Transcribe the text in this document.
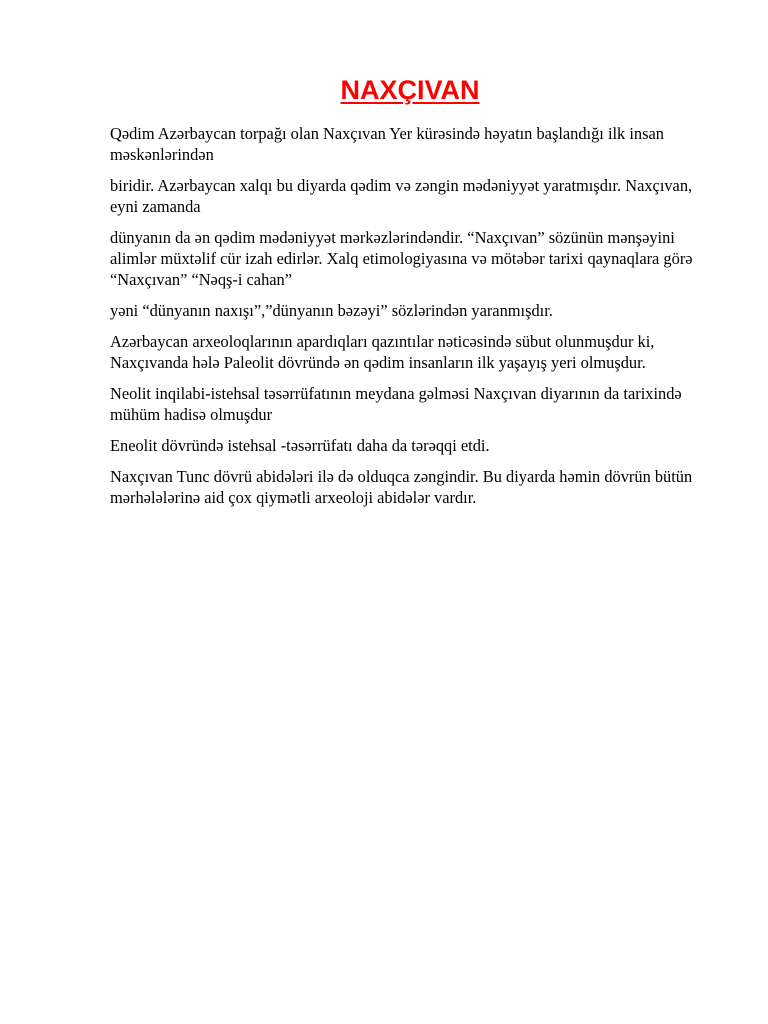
NAXÇIVAN

Qədim Azərbaycan torpağı olan Naxçıvan Yer kürəsində həyatın başlandığı ilk insan məskənlərindən

biridir. Azərbaycan xalqı bu diyarda qədim və zəngin mədəniyyət yaratmışdır. Naxçıvan, eyni zamanda

dünyanın da ən qədim mədəniyyət mərkəzlərindəndir. “Naxçıvan” sözünün mənşəyini alimlər müxtəlif cür izah edirlər. Xalq etimologiyasına və mötəbər tarixi qaynaqlara görə “Naxçıvan” “Nəqş-i cahan”

yəni “dünyanın naxışı”,”dünyanın bəzəyi” sözlərindən yaranmışdır.

Azərbaycan arxeoloqlarının apardıqları qazıntılar nəticəsində sübut olunmuşdur ki, Naxçıvanda hələ Paleolit dövründə ən qədim insanların ilk yaşayış yeri olmuşdur.

Neolit inqilabi-istehsal təsərrüfatının meydana gəlməsi Naxçıvan diyarının da tarixində mühüm hadisə olmuşdur

Eneolit dövründə istehsal -təsərrüfatı daha da tərəqqi etdi.

Naxçıvan Tunc dövrü abidələri ilə də olduqca zəngindir. Bu diyarda həmin dövrün bütün mərhələlərinə aid çox qiymətli arxeoloji abidələr vardır.
